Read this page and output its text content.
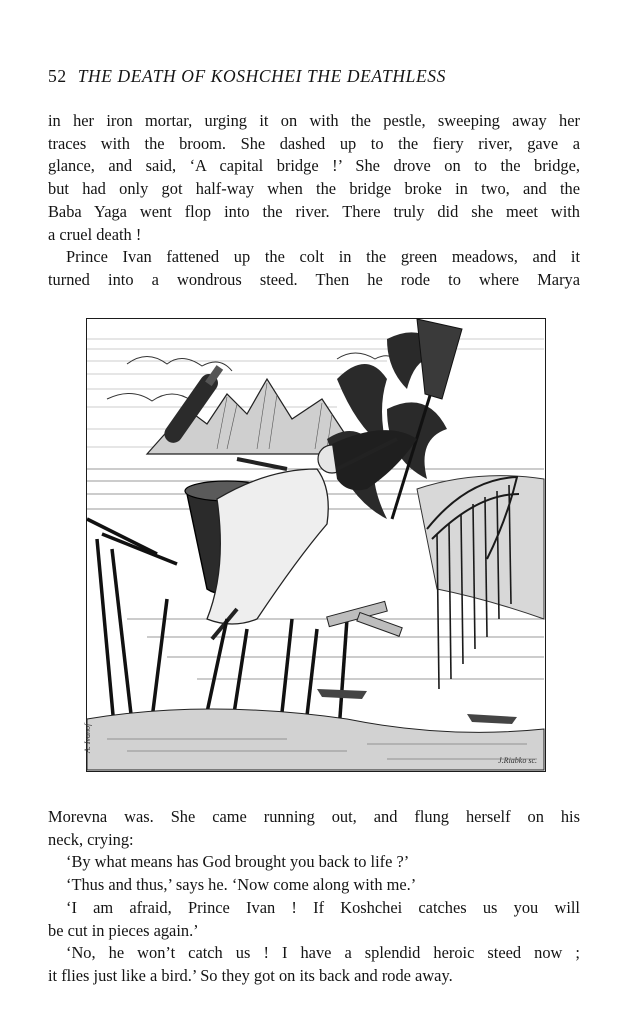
52 THE DEATH OF KOSHCHEI THE DEATHLESS
in her iron mortar, urging it on with the pestle, sweeping away her
traces with the broom. She dashed up to the fiery river, gave a
glance, and said, ‘A capital bridge !’ She drove on to the bridge,
but had only got half-way when the bridge broke in two, and the
Baba Yaga went flop into the river. There truly did she meet with
a cruel death !
Prince Ivan fattened up the colt in the green meadows, and it
turned into a wondrous steed. Then he rode to where Marya
A. Ivanof
J.Riabko sc.
Morevna was. She came running out, and flung herself on his
neck, crying:
‘By what means has God brought you back to life ?’
‘Thus and thus,’ says he. ‘Now come along with me.’
‘I am afraid, Prince Ivan ! If Koshchei catches us you will
be cut in pieces again.’
‘No, he won’t catch us ! I have a splendid heroic steed now ;
it flies just like a bird.’ So they got on its back and rode away.
